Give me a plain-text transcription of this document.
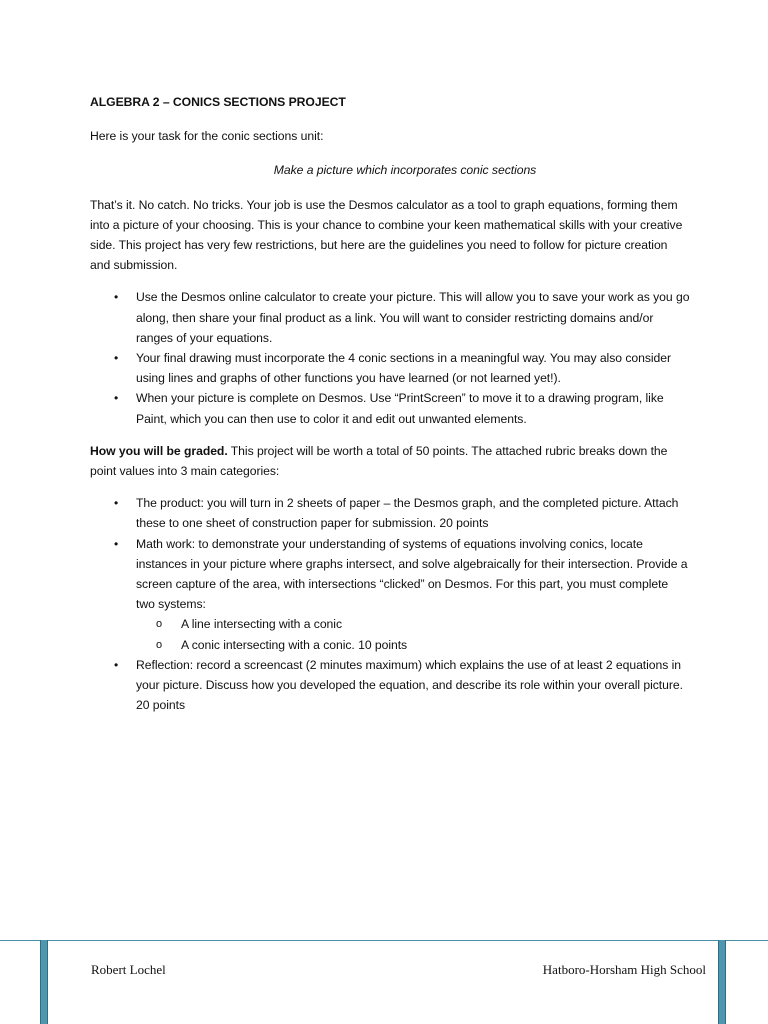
ALGEBRA 2 – CONICS SECTIONS PROJECT

Here is your task for the conic sections unit:

Make a picture which incorporates conic sections

That’s it. No catch. No tricks. Your job is use the Desmos calculator as a tool to graph equations, forming them into a picture of your choosing. This is your chance to combine your keen mathematical skills with your creative side. This project has very few restrictions, but here are the guidelines you need to follow for picture creation and submission.

• Use the Desmos online calculator to create your picture. This will allow you to save your work as you go along, then share your final product as a link. You will want to consider restricting domains and/or ranges of your equations.
• Your final drawing must incorporate the 4 conic sections in a meaningful way. You may also consider using lines and graphs of other functions you have learned (or not learned yet!).
• When your picture is complete on Desmos. Use “PrintScreen” to move it to a drawing program, like Paint, which you can then use to color it and edit out unwanted elements.

How you will be graded. This project will be worth a total of 50 points. The attached rubric breaks down the point values into 3 main categories:

• The product: you will turn in 2 sheets of paper – the Desmos graph, and the completed picture. Attach these to one sheet of construction paper for submission. 20 points
• Math work: to demonstrate your understanding of systems of equations involving conics, locate instances in your picture where graphs intersect, and solve algebraically for their intersection. Provide a screen capture of the area, with intersections “clicked” on Desmos. For this part, you must complete two systems:
o A line intersecting with a conic
o A conic intersecting with a conic. 10 points
• Reflection: record a screencast (2 minutes maximum) which explains the use of at least 2 equations in your picture. Discuss how you developed the equation, and describe its role within your overall picture. 20 points
Robert Lochel	Hatboro-Horsham High School
